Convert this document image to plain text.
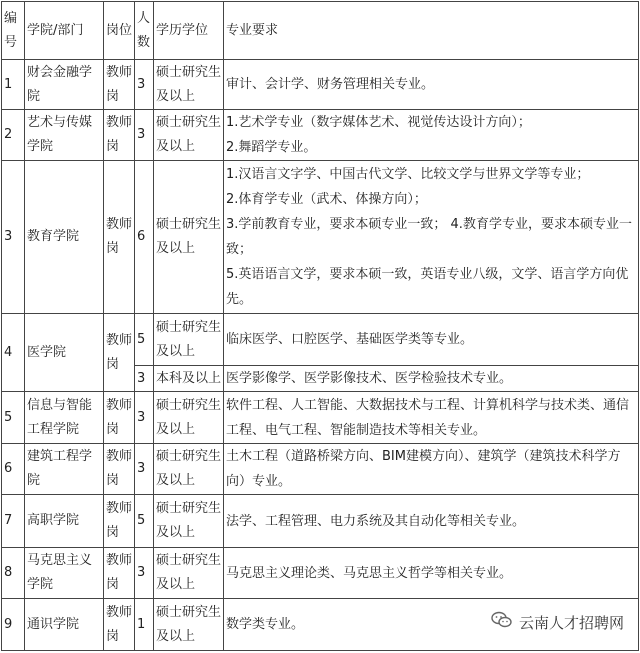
编号	学院/部门	岗位	人数	学历学位	专业要求
1	财会金融学院	教师岗	3	硕士研究生及以上	审计、会计学、财务管理相关专业。

2	艺术与传媒学院	教师岗	3	硕士研究生及以上	1.艺术学专业（数字媒体艺术、视觉传达设计方向）；
2.舞蹈学专业。

3	教育学院	教师岗	6	硕士研究生及以上	1.汉语言文字学、中国古代文学、比较文学与世界文学等专业；
2.体育学专业（武术、体操方向）；
3.学前教育专业，要求本硕专业一致； 4.教育学专业，要求本硕专业一致；
5.英语语言文学，要求本硕一致，英语专业八级，文学、语言学方向优先。

4	医学院	教师岗	5	硕士研究生及以上	临床医学、口腔医学、基础医学类等专业。

			3	本科及以上	医学影像学、医学影像技术、医学检验技术专业。

5	信息与智能工程学院	教师岗	3	硕士研究生及以上	软件工程、人工智能、大数据技术与工程、计算机科学与技术类、通信工程、电气工程、智能制造技术等相关专业。

6	建筑工程学院	教师岗	3	硕士研究生及以上	土木工程（道路桥梁方向、BIM建模方向）、建筑学（建筑技术科学方向）专业。

7	高职学院	教师岗	5	硕士研究生及以上	法学、工程管理、电力系统及其自动化等相关专业。

8	马克思主义学院	教师岗	3	硕士研究生及以上	马克思主义理论类、马克思主义哲学等相关专业。

9	通识学院	教师岗	1	硕士研究生及以上	数学类专业。	云南人才招聘网
